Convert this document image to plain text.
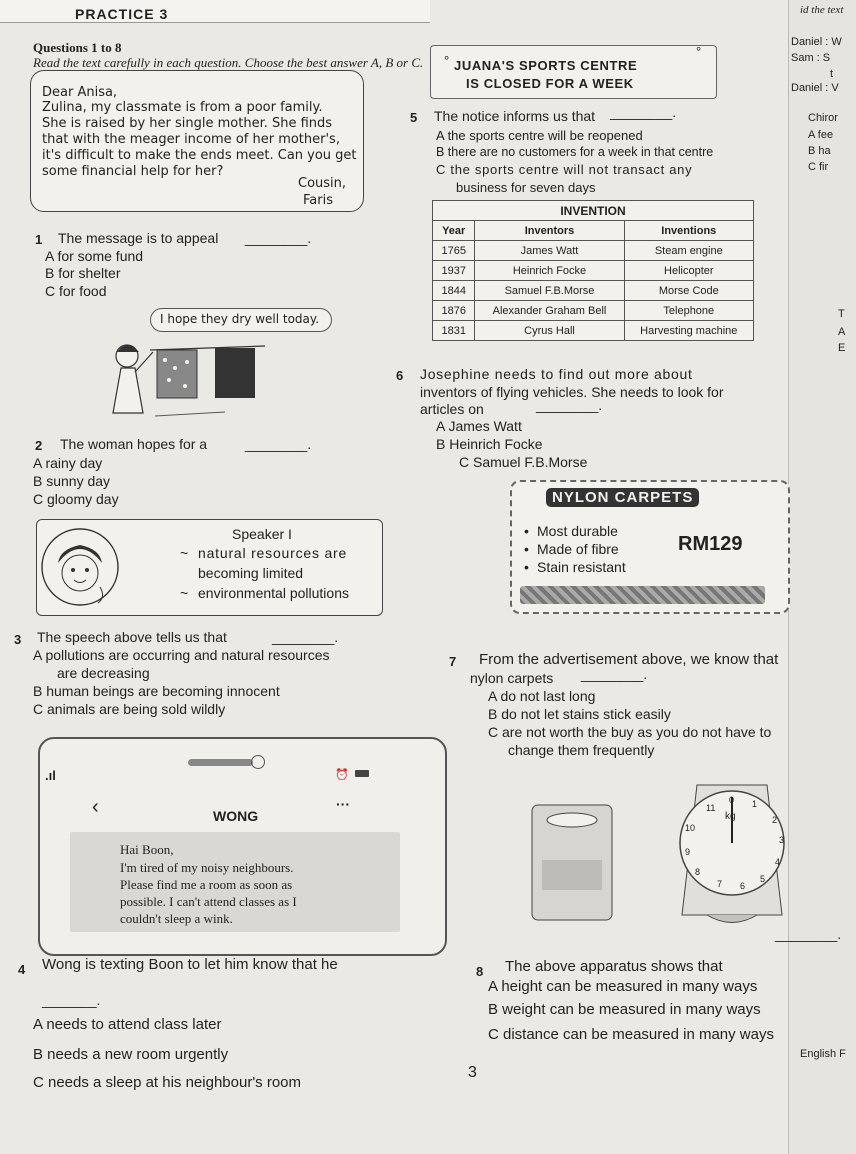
PRACTICE 3
Questions 1 to 8
Read the text carefully in each question. Choose the best answer A, B or C.
Dear Anisa,
Zulina, my classmate is from a poor family.
She is raised by her single mother. She finds
that with the meager income of her mother's,
it's difficult to make the ends meet. Can you get
some financial help for her?
Cousin,
Faris
1 The message is to appeal ________.
A for some fund
B for shelter
C for food
I hope they dry well today.
2 The woman hopes for a	________.
A rainy day
B sunny day
C gloomy day
Speaker I
~ natural resources are
becoming limited
~ environmental pollutions
3 The speech above tells us that	________.
A pollutions are occurring and natural resources
are decreasing
B human beings are becoming innocent
C animals are being sold wildly
.ıl	⏰
‹	WONG
···
Hai Boon,
I'm tired of my noisy neighbours.
Please find me a room as soon as
possible. I can't attend classes as I
couldn't sleep a wink.
4 Wong is texting Boon to let him know that he
_______.
A needs to attend class later
B needs a new room urgently
C needs a sleep at his neighbour's room
°
°
JUANA'S SPORTS CENTRE
IS CLOSED FOR A WEEK
5 The notice informs us that ________.
A the sports centre will be reopened
B there are no customers for a week in that centre
C the sports centre will not transact any
business for seven days
INVENTION		
Year	Inventors	Inventions
1765	James Watt	Steam engine
1937	Heinrich Focke	Helicopter
1844	Samuel F.B.Morse	Morse Code
1876	Alexander Graham Bell	Telephone
1831	Cyrus Hall	Harvesting machine
6 Josephine needs to find out more about
inventors of flying vehicles. She needs to look for
articles on	________.
A James Watt
B Heinrich Focke
C Samuel F.B.Morse
NYLON CARPETS
• Most durable
• Made of fibre
• Stain resistant
RM129
7 From the advertisement above, we know that
nylon carpets ________.
A do not last long
B do not let stains stick easily
C are not worth the buy as you do not have to
change them frequently
0 1
2
3
4
5
6
7
8
9
10
11
kg
8 The above apparatus shows that
________.
A height can be measured in many ways
B weight can be measured in many ways
C distance can be measured in many ways
3
English F
id the text
Daniel : W
Sam : S
t
Daniel : V
Chiror
A fee
B ha
C fir
T
A
E
